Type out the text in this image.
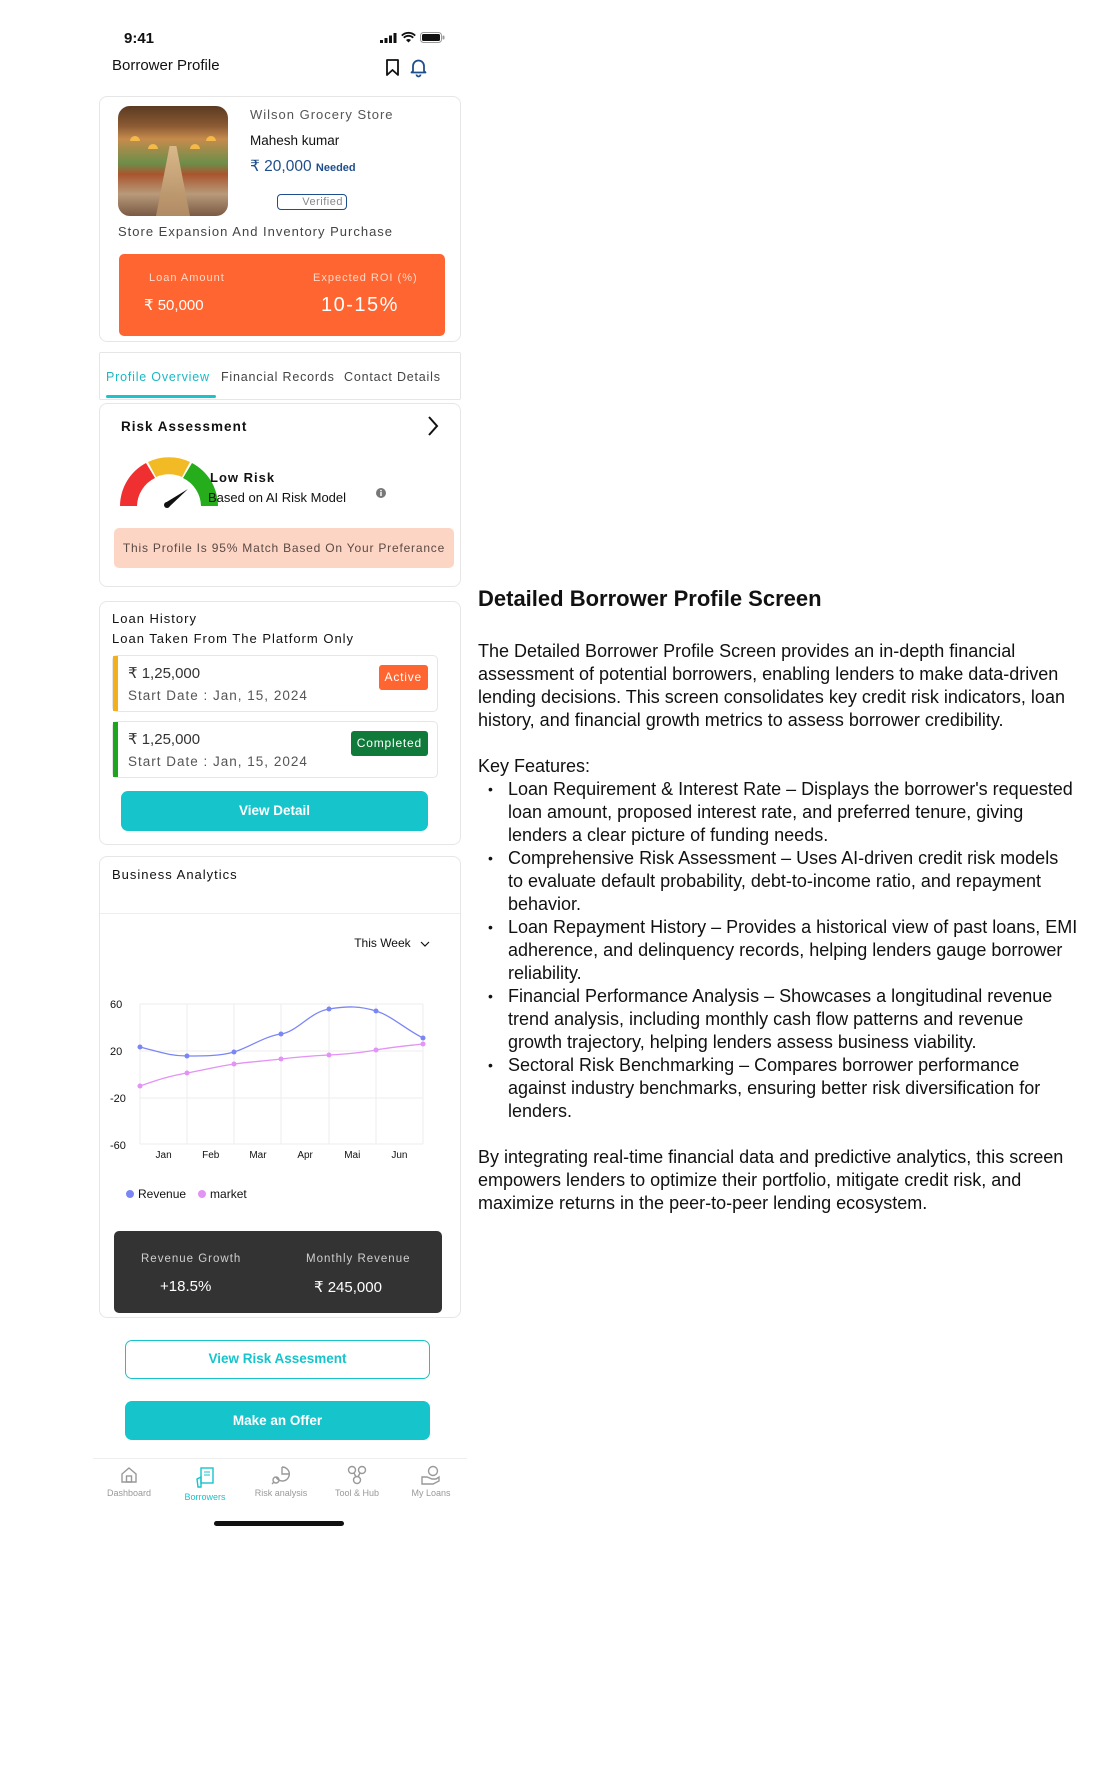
9:41
Borrower Profile
Wilson Grocery Store
Mahesh kumar
₹ 20,000 Needed
Verified
Store Expansion And Inventory Purchase
Loan Amount
₹ 50,000
Expected ROI (%)
10-15%
Profile Overview Financial Records Contact Details
Risk Assessment
Low Risk
Based on AI Risk Model
This Profile Is 95% Match Based On Your Preferance
Loan History
Loan Taken From The Platform Only
₹ 1,25,000
Start Date : Jan, 15, 2024
Active
₹ 1,25,000
Start Date : Jan, 15, 2024
Completed
View Detail
Business Analytics
This Week
60
20
-20
-60
Jan	Feb	Mar	Apr	Mai	Jun
Revenue	market
Revenue Growth
+18.5%
Monthly Revenue
₹ 245,000
View Risk Assesment
Make an Offer
Dashboard	Borrowers	Risk analysis	Tool & Hub	My Loans
Detailed Borrower Profile Screen

The Detailed Borrower Profile Screen provides an in-depth financial assessment of potential borrowers, enabling lenders to make data-driven lending decisions. This screen consolidates key credit risk indicators, loan history, and financial growth metrics to assess borrower credibility.

Key Features:

• Loan Requirement & Interest Rate – Displays the borrower's requested loan amount, proposed interest rate, and preferred tenure, giving lenders a clear picture of funding needs.
• Comprehensive Risk Assessment – Uses AI-driven credit risk models to evaluate default probability, debt-to-income ratio, and repayment behavior.
• Loan Repayment History – Provides a historical view of past loans, EMI adherence, and delinquency records, helping lenders gauge borrower reliability.
• Financial Performance Analysis – Showcases a longitudinal revenue trend analysis, including monthly cash flow patterns and revenue growth trajectory, helping lenders assess business viability.
• Sectoral Risk Benchmarking – Compares borrower performance against industry benchmarks, ensuring better risk diversification for lenders.

By integrating real-time financial data and predictive analytics, this screen empowers lenders to optimize their portfolio, mitigate credit risk, and maximize returns in the peer-to-peer lending ecosystem.
